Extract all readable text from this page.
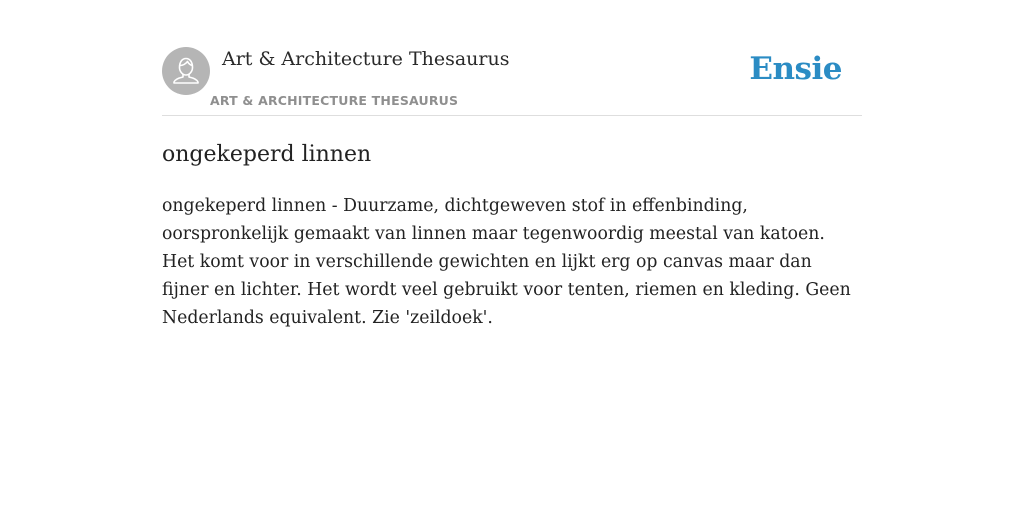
Art & Architecture Thesaurus
ART & ARCHITECTURE THESAURUS
Ensie
ongekeperd linnen

ongekeperd linnen - Duurzame, dichtgeweven stof in effenbinding, oorspronkelijk gemaakt van linnen maar tegenwoordig meestal van katoen. Het komt voor in verschillende gewichten en lijkt erg op canvas maar dan fijner en lichter. Het wordt veel gebruikt voor tenten, riemen en kleding. Geen Nederlands equivalent. Zie 'zeildoek'.
